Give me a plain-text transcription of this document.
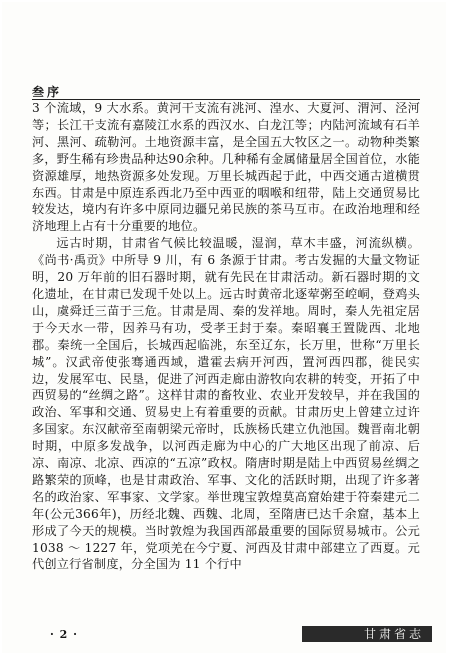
叁序

3 个流域，9 大水系。黄河干支流有洮河、湟水、大夏河、渭河、泾河等；长江干支流有嘉陵江水系的西汉水、白龙江等；内陆河流域有石羊河、黑河、疏勒河。土地资源丰富，是全国五大牧区之一。动物种类繁多，野生稀有珍贵品种达90余种。几种稀有金属储量居全国首位，水能资源雄厚，地热资源多处发现。万里长城西起于此，中西交通古道横贯东西。甘肃是中原连系西北乃至中西亚的咽喉和纽带，陆上交通贸易比较发达，境内有许多中原同边疆兄弟民族的茶马互市。在政治地理和经济地理上占有十分重要的地位。

远古时期，甘肃省气候比较温暖，湿润，草木丰盛，河流纵横。《尚书·禹贡》中所导 9 川，有 6 条源于甘肃。考古发掘的大量文物证明，20 万年前的旧石器时期，就有先民在甘肃活动。新石器时期的文化遗址，在甘肃已发现千处以上。远古时黄帝北逐荤粥至崆峒，登鸡头山，虞舜迁三苗于三危。甘肃是周、秦的发祥地。周时，秦人先祖定居于今天水一带，因养马有功，受孝王封于秦。秦昭襄王置陇西、北地郡。秦统一全国后，长城西起临洮，东至辽东，长万里，世称“万里长城”。汉武帝使张骞通西域，遣霍去病开河西，置河西四郡，徙民实边，发展军屯、民垦，促进了河西走廊由游牧向农耕的转变，开拓了中西贸易的“丝绸之路”。这样甘肃的畜牧业、农业开发较早，并在我国的政治、军事和交通、贸易史上有着重要的贡献。甘肃历史上曾建立过许多国家。东汉献帝至南朝梁元帝时，氐族杨氏建立仇池国。魏晋南北朝时期，中原多发战争，以河西走廊为中心的广大地区出现了前凉、后凉、南凉、北凉、西凉的“五凉”政权。隋唐时期是陆上中西贸易丝绸之路繁荣的顶峰，也是甘肃政治、军事、文化的活跃时期，出现了许多著名的政治家、军事家、文学家。举世瑰宝敦煌莫高窟始建于符秦建元二年(公元366年)，历经北魏、西魏、北周，至隋唐已达千余窟，基本上形成了今天的规模。当时敦煌为我国西部最重要的国际贸易城市。公元1038 ～ 1227 年，党项羌在今宁夏、河西及甘肃中部建立了西夏。元代创立行省制度，分全国为 11 个行中

· 2 ·	甘肃省志
